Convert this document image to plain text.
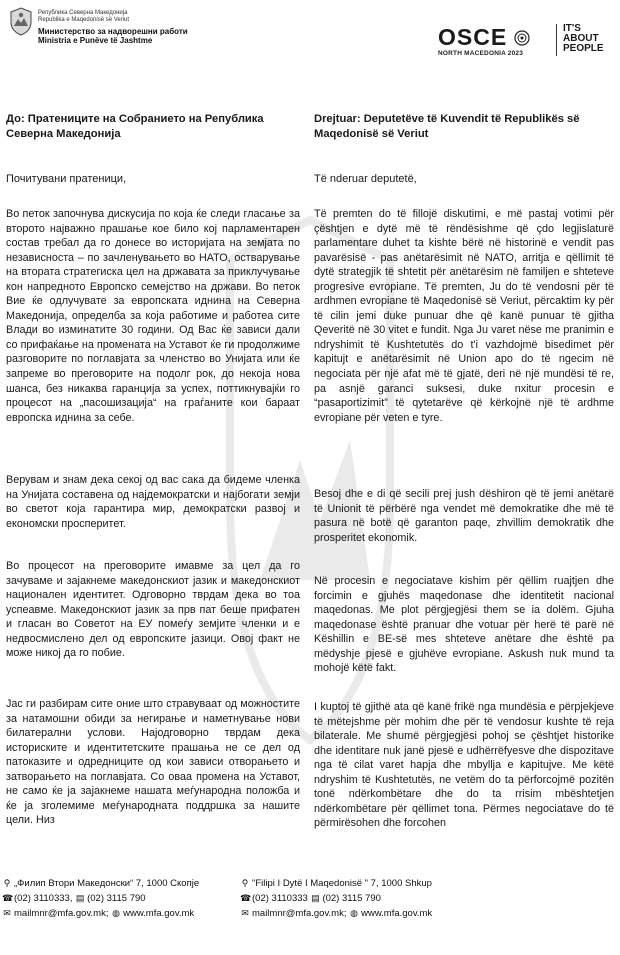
Република Северна Македонија
Republika e Maqedonisë së Veriut
Министерство за надворешни работи
Ministria e Punëve të Jashtme	OSCE
NORTH MACEDONIA 2023
IT'S
ABOUT
PEOPLE
До: Пратениците на Собранието на Република Северна Македонија
Drejtuar: Deputetëve të Kuvendit të Republikës së Maqedonisë së Veriut
Почитувани пратеници,	Të nderuar deputetë,

Во петок започнува дискусија по која ќе следи гласање за второто најважно прашање кое било кој парламентарен состав требал да го донесе во историјата на земјата по независноста – по зачленувањето во НАТО, остварувањe на втората стратегиска цел на државата за приклучување кон напредното Европско семејство на држави. Во петок Вие ќе одлучувате за европската иднина на Северна Македонија, определба за која работиме и работеа сите Влади во изминатите 30 години. Од Вас ќе зависи дали со прифаќање на промената на Уставот ќе ги продолжиме разговорите по поглавјата за членство во Унијата или ќе запреме во преговорите на подолг рок, до некоја нова шанса, без никаква гаранција за успех, поттикнувајќи го процесот на „пасошизација“ на граѓаните кои бараат европска иднина за себе.

Верувам и знам дека секој од вас сака да бидеме членка на Унијата составена од најдемократски и најбогати земји во светот која гарантира мир, демократски развој и економски просперитет.

Во процесот на преговорите имавме за цел да го зачуваме и зајакнеме македонскиот јазик и македонскиот национален идентитет. Одговорно тврдам дека во тоа успеавме. Македонскиот јазик за прв пат беше прифатен и гласан во Советот на ЕУ помеѓу земјите членки и е недвосмислено дел од европските јазици. Овој факт не може никој да го побие.

Јас ги разбирам сите оние што стравуваат од можностите за натамошни обиди за негирање и наметнување нови билатерални услови. Најодговорно тврдам дека историските и идентитетските прашања не се дел од патоказите и одредниците од кои зависи отворањето и затворањето на поглавјата. Со оваа промена на Уставот, не само ќе ја зајакнеме нашата меѓународна положба и ќе ја зголемиме меѓународната поддршка за нашите цели. Низ

Të premten do të fillojë diskutimi, e më pastaj votimi për çështjen e dytë më të rëndësishme që çdo legjislaturë parlamentare duhet ta kishte bërë në historinë e vendit pas pavarësisë - pas anëtarësimit në NATO, arritja e qëllimit të dytë strategjik të shtetit për anëtarësim në familjen e shteteve progresive evropiane. Të premten, Ju do të vendosni për të ardhmen evropiane të Maqedonisë së Veriut, përcaktim ky për të cilin jemi duke punuar dhe që kanë punuar të gjitha Qeveritë në 30 vitet e fundit. Nga Ju varet nëse me pranimin e ndryshimit të Kushtetutës do t'i vazhdojmë bisedimet për kapitujt e anëtarësimit në Union apo do të ngecim në negociata për një afat më të gjatë, deri në një mundësi të re, pa asnjë garanci suksesi, duke nxitur procesin e “pasaportizimit” të qytetarëve që kërkojnë një të ardhme evropiane për veten e tyre.

Besoj dhe e di që secili prej jush dëshiron që të jemi anëtarë të Unionit të përbërë nga vendet më demokratike dhe më të pasura në botë që garanton paqe, zhvillim demokratik dhe prosperitet ekonomik.

Në procesin e negociatave kishim për qëllim ruajtjen dhe forcimin e gjuhës maqedonase dhe identitetit nacional maqedonas. Me plot përgjegjësi them se ia dolëm. Gjuha maqedonase është pranuar dhe votuar për herë të parë në Këshillin e BE-së mes shteteve anëtare dhe është pa mëdyshje pjesë e gjuhëve evropiane. Askush nuk mund ta mohojë këtë fakt.

I kuptoj të gjithë ata që kanë frikë nga mundësia e përpjekjeve të mëtejshme për mohim dhe për të vendosur kushte të reja bilaterale. Me shumë përgjegjësi pohoj se çështjet historike dhe identitare nuk janë pjesë e udhërrëfyesve dhe dispozitave nga të cilat varet hapja dhe mbyllja e kapitujve. Me këtë ndryshim të Kushtetutës, ne vetëm do ta përforcojmë pozitën tonë ndërkombëtare dhe do ta rrisim mbështetjen ndërkombëtare për qëllimet tona. Përmes negociatave do të përmirësohen dhe forcohen

⚲ „Филип Втори Македонски“ 7, 1000 Скопје
☎(02) 3110333, ▤ (02) 3115 790
✉ mailmnr@mfa.gov.mk; ◍ www.mfa.gov.mk
⚲ "Filipi I Dytë I Maqedonisë " 7, 1000 Shkup
☎(02) 3110333 ▤ (02) 3115 790
✉ mailmnr@mfa.gov.mk; ◍ www.mfa.gov.mk
